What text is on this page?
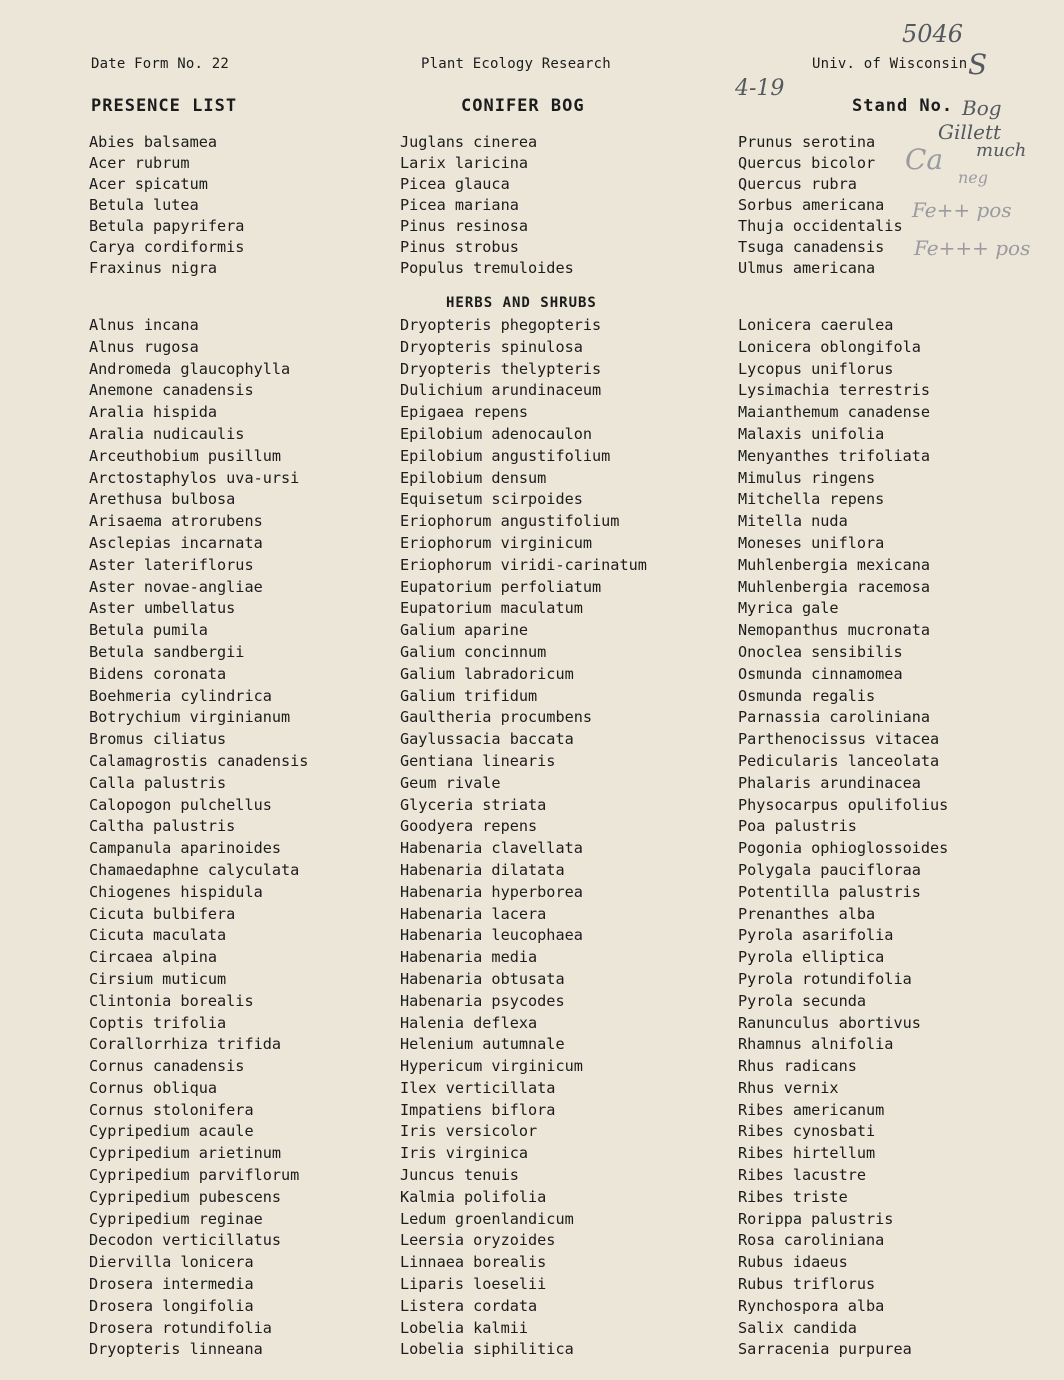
Date Form No. 22	Plant Ecology Research	Univ. of Wisconsin
PRESENCE LIST	CONIFER BOG	Stand No.
5046
4-19
S
Bog
Gillett
much
Ca
neg
Fe++ pos
Fe+++ pos
Abies balsamea
Acer rubrum
Acer spicatum
Betula lutea
Betula papyrifera
Carya cordiformis
Fraxinus nigra
Juglans cinerea
Larix laricina
Picea glauca
Picea mariana
Pinus resinosa
Pinus strobus
Populus tremuloides
Prunus serotina
Quercus bicolor
Quercus rubra
Sorbus americana
Thuja occidentalis
Tsuga canadensis
Ulmus americana
HERBS AND SHRUBS
Alnus incana
Alnus rugosa
Andromeda glaucophylla
Anemone canadensis
Aralia hispida
Aralia nudicaulis
Arceuthobium pusillum
Arctostaphylos uva-ursi
Arethusa bulbosa
Arisaema atrorubens
Asclepias incarnata
Aster lateriflorus
Aster novae-angliae
Aster umbellatus
Betula pumila
Betula sandbergii
Bidens coronata
Boehmeria cylindrica
Botrychium virginianum
Bromus ciliatus
Calamagrostis canadensis
Calla palustris
Calopogon pulchellus
Caltha palustris
Campanula aparinoides
Chamaedaphne calyculata
Chiogenes hispidula
Cicuta bulbifera
Cicuta maculata
Circaea alpina
Cirsium muticum
Clintonia borealis
Coptis trifolia
Corallorrhiza trifida
Cornus canadensis
Cornus obliqua
Cornus stolonifera
Cypripedium acaule
Cypripedium arietinum
Cypripedium parviflorum
Cypripedium pubescens
Cypripedium reginae
Decodon verticillatus
Diervilla lonicera
Drosera intermedia
Drosera longifolia
Drosera rotundifolia
Dryopteris linneana
Dryopteris phegopteris
Dryopteris spinulosa
Dryopteris thelypteris
Dulichium arundinaceum
Epigaea repens
Epilobium adenocaulon
Epilobium angustifolium
Epilobium densum
Equisetum scirpoides
Eriophorum angustifolium
Eriophorum virginicum
Eriophorum viridi-carinatum
Eupatorium perfoliatum
Eupatorium maculatum
Galium aparine
Galium concinnum
Galium labradoricum
Galium trifidum
Gaultheria procumbens
Gaylussacia baccata
Gentiana linearis
Geum rivale
Glyceria striata
Goodyera repens
Habenaria clavellata
Habenaria dilatata
Habenaria hyperborea
Habenaria lacera
Habenaria leucophaea
Habenaria media
Habenaria obtusata
Habenaria psycodes
Halenia deflexa
Helenium autumnale
Hypericum virginicum
Ilex verticillata
Impatiens biflora
Iris versicolor
Iris virginica
Juncus tenuis
Kalmia polifolia
Ledum groenlandicum
Leersia oryzoides
Linnaea borealis
Liparis loeselii
Listera cordata
Lobelia kalmii
Lobelia siphilitica
Lonicera caerulea
Lonicera oblongifola
Lycopus uniflorus
Lysimachia terrestris
Maianthemum canadense
Malaxis unifolia
Menyanthes trifoliata
Mimulus ringens
Mitchella repens
Mitella nuda
Moneses uniflora
Muhlenbergia mexicana
Muhlenbergia racemosa
Myrica gale
Nemopanthus mucronata
Onoclea sensibilis
Osmunda cinnamomea
Osmunda regalis
Parnassia caroliniana
Parthenocissus vitacea
Pedicularis lanceolata
Phalaris arundinacea
Physocarpus opulifolius
Poa palustris
Pogonia ophioglossoides
Polygala paucifloraa
Potentilla palustris
Prenanthes alba
Pyrola asarifolia
Pyrola elliptica
Pyrola rotundifolia
Pyrola secunda
Ranunculus abortivus
Rhamnus alnifolia
Rhus radicans
Rhus vernix
Ribes americanum
Ribes cynosbati
Ribes hirtellum
Ribes lacustre
Ribes triste
Rorippa palustris
Rosa caroliniana
Rubus idaeus
Rubus triflorus
Rynchospora alba
Salix candida
Sarracenia purpurea
